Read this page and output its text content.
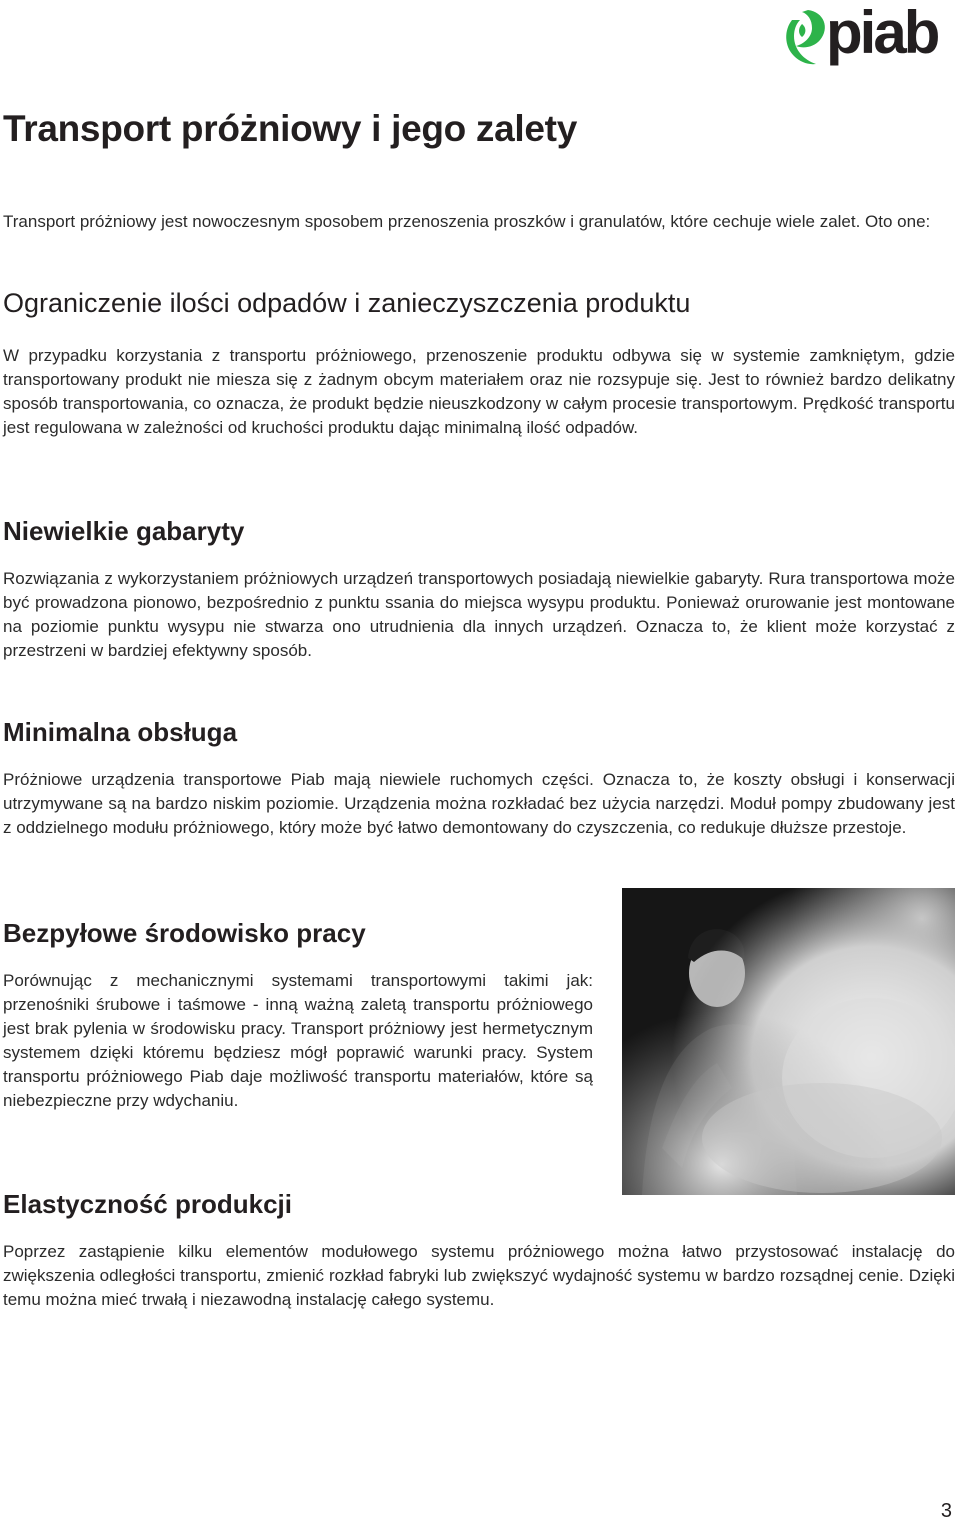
piab
Transport próżniowy i jego zalety

Transport próżniowy jest nowoczesnym sposobem przenoszenia proszków i granulatów, które cechuje wiele zalet. Oto one:

Ograniczenie ilości odpadów i zanieczyszczenia produktu

W przypadku korzystania z transportu próżniowego, przenoszenie produktu odbywa się w systemie zamkniętym, gdzie transportowany produkt nie miesza się z żadnym obcym materiałem oraz nie rozsypuje się. Jest to również bardzo delikatny sposób transportowania, co oznacza, że produkt będzie nieuszkodzony w całym procesie transportowym. Prędkość transportu jest regulowana w zależności od kruchości produktu dając minimalną ilość odpadów.

Niewielkie gabaryty

Rozwiązania z wykorzystaniem próżniowych urządzeń transportowych posiadają niewielkie gabaryty. Rura transportowa może być prowadzona pionowo, bezpośrednio z punktu ssania do miejsca wysypu produktu. Ponieważ orurowanie jest montowane na poziomie punktu wysypu nie stwarza ono utrudnienia dla innych urządzeń. Oznacza to, że klient może korzystać z przestrzeni w bardziej efektywny sposób.

Minimalna obsługa

Próżniowe urządzenia transportowe Piab mają niewiele ruchomych części. Oznacza to, że koszty obsługi i konserwacji utrzymywane są na bardzo niskim poziomie. Urządzenia można rozkładać bez użycia narzędzi. Moduł pompy zbudowany jest z oddzielnego modułu próżniowego, który może być łatwo demontowany do czyszczenia, co redukuje dłuższe przestoje.

Bezpyłowe środowisko pracy

Porównując z mechanicznymi systemami transportowymi takimi jak: przenośniki śrubowe i taśmowe - inną ważną zaletą transportu próżniowego jest brak pylenia w środowisku pracy. Transport próżniowy jest hermetycznym systemem dzięki któremu będziesz mógł poprawić warunki pracy. System transportu próżniowego Piab daje możliwość transportu materiałów, które są niebezpieczne przy wdychaniu.

Elastyczność produkcji

Poprzez zastąpienie kilku elementów modułowego systemu próżniowego można łatwo przystosować instalację do zwiększenia odległości transportu, zmienić rozkład fabryki lub zwiększyć wydajność systemu w bardzo rozsądnej cenie. Dzięki temu można mieć trwałą i niezawodną instalację całego systemu.

3
